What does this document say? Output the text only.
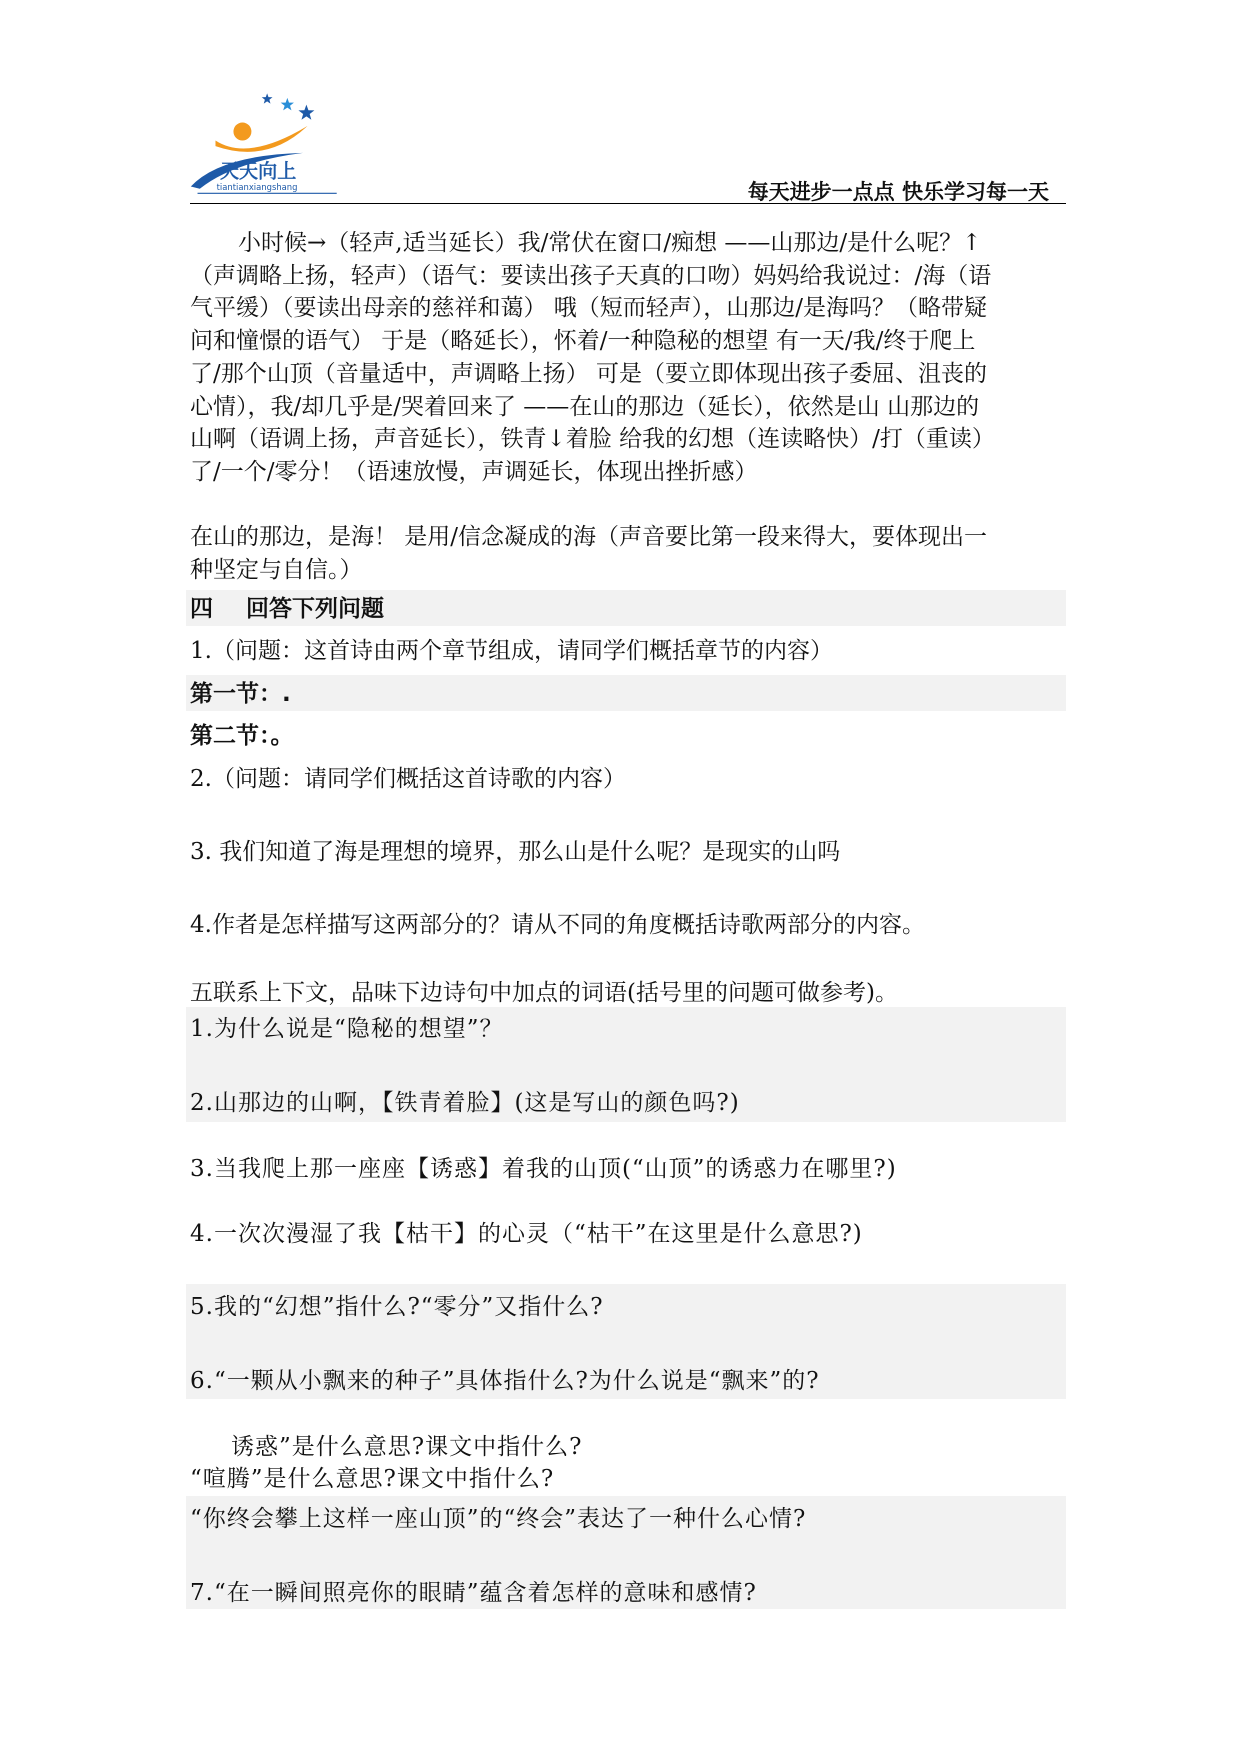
天天向上
tiantianxiangshang	每天进步一点点 快乐学习每一天
小时候→（轻声,适当延长）我/常伏在窗口/痴想 ——山那边/是什么呢？↑
（声调略上扬，轻声）（语气：要读出孩子天真的口吻）妈妈给我说过：/海（语
气平缓）（要读出母亲的慈祥和蔼） 哦（短而轻声），山那边/是海吗？（略带疑
问和憧憬的语气） 于是（略延长），怀着/一种隐秘的想望 有一天/我/终于爬上
了/那个山顶（音量适中，声调略上扬） 可是（要立即体现出孩子委屈、沮丧的
心情），我/却几乎是/哭着回来了 ——在山的那边（延长），依然是山 山那边的
山啊（语调上扬，声音延长），铁青↓着脸 给我的幻想（连读略快）/打（重读）
了/一个/零分！（语速放慢，声调延长，体现出挫折感）
在山的那边，是海！ 是用/信念凝成的海（声音要比第一段来得大，要体现出一
种坚定与自信。）
四 回答下列问题
1.（问题：这首诗由两个章节组成，请同学们概括章节的内容）
第一节：.
第二节：。
2.（问题：请同学们概括这首诗歌的内容）
3. 我们知道了海是理想的境界，那么山是什么呢？是现实的山吗
4.作者是怎样描写这两部分的？请从不同的角度概括诗歌两部分的内容。
五联系上下文，品味下边诗句中加点的词语(括号里的问题可做参考)。
1.为什么说是“隐秘的想望”？
2.山那边的山啊，【铁青着脸】(这是写山的颜色吗?)
3.当我爬上那一座座【诱惑】着我的山顶(“山顶”的诱惑力在哪里?)
4.一次次漫湿了我【枯干】的心灵（“枯干”在这里是什么意思?)
5.我的“幻想”指什么?“零分”又指什么?
6.“一颗从小飘来的种子”具体指什么?为什么说是“飘来”的?
诱惑”是什么意思?课文中指什么?
“喧腾”是什么意思?课文中指什么?
“你终会攀上这样一座山顶”的“终会”表达了一种什么心情?
7.“在一瞬间照亮你的眼睛”蕴含着怎样的意味和感情?
